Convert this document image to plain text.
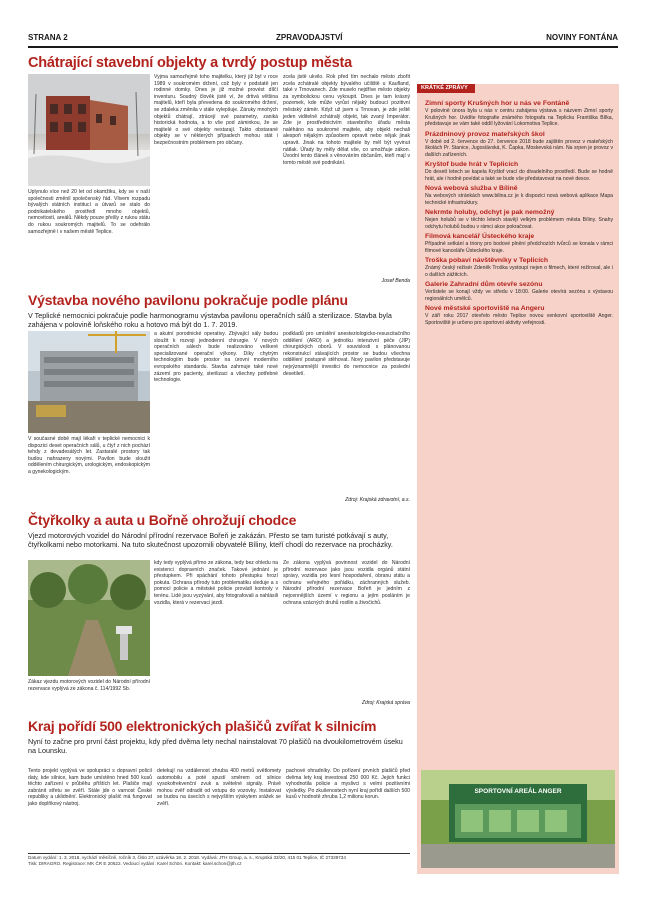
STRANA 2	ZPRAVODAJSTVÍ	NOVINY FONTÁNA
Chátrající stavební objekty a tvrdý postup města
Uplynulo více než 20 let od okamžiku, kdy se v naší společnosti změnil společenský řád. Vlivem rozpadu bývalých státních institucí a útvarů se stalo do podnikatelského prostředí mnoho objektů, nemovitostí, areálů. Někdy pouze přešly z rukou státu do rukou soukromých majitelů. To se odehrálo samozřejmě i v našem městě Teplice.
Vyjma samozřejmě toho majitelku, který již byl v roce 1989 v soukromém držení, což byly v podstatě jen rodinné domky. Dnes je již možné provést dílčí inventuru. Soudný člověk jistě ví, že drtivá většina majitelů, kteří byla převedena do soukromého držení, se zdaleka změnila v stále vylepšuje. Záruky mnohých objektů chátrají, ztrácejí své parametry, zaniká historická hodnota, a to vše pod záminkou, že se majitelé o své objekty nestarají. Takto obstarané objekty se v některých případech mohou stát i bezpečnostním problémem pro občany.
zcela jistě ukvilo. Rok před tím nechalo město zbořit zcela zchátralé objekty bývalého učiliště u Kaufland, také v Trnovanech. Zde muselo nejdříve město objekty za symbolickou cenu vykoupit. Dnes je tam krásný pozemek, kde může vyrůst nějaký budoucí pozitivní městský záměr. Když už jsem u Trnovan, je zde ještě jeden viditelně zchátralý objekt, tak zvaný Imperátor. Zde je prostřednictvím stavebního úřadu města naléháno na soukromé majitele, aby objekt nechali alespoň nějakým způsobem opravit nebo nějak jinak upravit. Jinak na tohoto majitele by měl být vyvinut nátlak. Úřady by měly dělat vše, co umožňuje zákon. Úvodní tento článek s věnováním občanům, kteří mají v tomto městě své podnikání.
Josef Benda
Výstavba nového pavilonu pokračuje podle plánu
V Teplické nemocnici pokračuje podle harmonogramu výstavba pavilonu operačních sálů a sterilizace. Stavba byla zahájena v polovině loňského roku a hotovo má být do 1. 7. 2019.
V současné době mají lékaři v teplické nemocnici k dispozici deset operačních sálů, u čtyř z nich pochází tehdy z devadesátých let. Zastaralé prostory tak budou nahrazeny novými. Pavilon bude sloužit oddělením chirurgickým, urologickým, endoskopickým a gynekologickým.
a akutní porodnické operativy. Zbývající sály budou sloužit k rozvoji jednodenní chirurgie. V nových operačních sálech bude realizováno veškeré specializované operační výkony. Díky chytrým technologiím bude prostor na úrovni moderního evropského standardu. Stavba zahrnuje také nové zázemí pro pacienty, sterilizaci a všechny potřebné technologie.
podkladů pro umístění anesteziologicko-resuscitačního oddělení (ARO) a jednotku intenzivní péče (JIP) chirurgických oborů. V souvislosti s plánovanou rekonstrukcí stávajících prostor se budou všechna oddělení postupně stěhovat. Nový pavilon představuje nejvýznamnější investici do nemocnice za poslední desetiletí.
Zdroj: Krajská zdravotní, a.s.
Čtyřkolky a auta u Bořně ohrožují chodce
Vjezd motorových vozidel do Národní přírodní rezervace Bořeň je zakázán. Přesto se tam turisté potkávají s auty, čtyřkolkami nebo motorkami. Na tuto skutečnost upozornili obyvatelé Bíliny, kteří chodí do rezervace na procházky.
Zákaz vjezdu motorových vozidel do Národní přírodní rezervace vyplývá ze zákona č. 114/1992 Sb.
kdy tedy vyplývá přímo ze zákona, tedy bez ohledu na existenci dopravních značek. Takové jednání je přestupkem. Při spáchání tohoto přestupku hrozí pokuta. Ochrana přírody tuto problematiku sleduje a s pomocí policie a městské policie provádí kontroly v terénu. Lidé jsou vyzývání, aby fotografovali a nahlásili vozidla, která v rezervaci jezdí.
Ze zákona vyplývá povinnost vozidel do Národní přírodní rezervace jako jsou vozidla orgánů státní správy, vozidla pro lesní hospodaření, obranu státu a ochranu veřejného pořádku, záchranných služeb. Národní přírodní rezervace Bořeň je jedním z nejcennějších území v regionu a jejím posláním je ochrana vzácných druhů rostlin a živočichů.
Zdroj: Krajská správa
Kraj pořídí 500 elektronických plašičů zvířat k silnicím
Nyní to začne pro první část projektu, kdy před dvěma lety nechal nainstalovat 70 plašičů na dvoukilometrovém úseku na Lounsku.
Tento projekt vyplývá ve spolupráci s dopravní policií daty, kde silnice, kam bude umístěno hned 500 kusů těchto zařízení v průběhu příštích let. Plašiče mají zabránit střetu se zvěří. Stále jde o varnost České republiky a uklidnění. Elektronický plašič má fungovat jako doplňkový nástroj.
detekují na vzdálenost zhruba 400 metrů světlomety automobilu a poté spustí směrem od silnice vysokofrekvenční zvuk a světelné signály. Právě mohou zvěř odradit od vstupu do vozovky. Instalovat se budou na úsecích s nejvyšším výskytem srážek se zvěří.
pachové ohradníky. Do pořízení prvních plašičů před dvěma lety kraj investoval 250 000 Kč. Jejich funkci vyhodnotila policie a myslivci s velmi pozitivními výsledky. Po zkušenostech nyní kraj pořídí dalších 500 kusů v hodnotě zhruba 1,2 milionu korun.
Datum vydání: 1. 3. 2018, vychází měsíčně, ročník 3, číslo 27, uzávěrka 18. 2. 2018. Vydává: JTH Group, a. s., Krupská 33/20, 415 01 Teplice, IČ 27339734
Tisk: DIRAGRO. Registrace: MK ČR E 20622. Vedoucí vydání: Karel Schön. Kontakt: karel.schon@jth.cz
KRÁTKÉ ZPRÁVY
Zimní sporty Krušných hor u nás ve Fontáně
V polovině února byla u nás v centru zahájena výstava s názvem Zimní sporty Krušných hor. Uvidíte fotografie známého fotografa na Teplicku Františka Bílka, představuje se vám také oddíl lyžování Lokomotiva Teplice.
Prázdninový provoz mateřských škol
V době od 2. července do 27. července 2018 bude zajištěn provoz v mateřských školách Pr. Stanice, Jugoslávská, K. Čapka, Moskevská nám. Na srpen je provoz v dalších zařízeních.
Kryštof bude hrát v Teplicích
Do desetí letech se kapela Kryštof vrací do divadelního prostředí. Bude se hodně hrát, ale i hodně povídat a také se bude vše představovat na nové desce.
Nová webová služba v Bílině
Na webových stránkách www.bilina.cz je k dispozici nová webová aplikace Mapa technické infrastruktury.
Nekrmte holuby, odchyt je pak nemožný
Nejen holubů se v těchto letech stavějí velkým problémem města Bíliny. Snahy odchytu holubů budou v rámci akce pokračovat.
Filmová kancelář Ústeckého kraje
Případné setkání a triony pro bodové plnění předchozích tvůrců se konala v rámci filmové kanceláře Ústeckého kraje.
Troška pobaví návštěvníky v Teplicích
Známý český režisér Zdeněk Troška vystoupí nejen o filmech, které režíroval, ale i o dalších zážitcích.
Galerie Zahradní dům otevře sezónu
Veršstele se konají vždy ve středu v 18:00. Galerie otevírá sezónu s výstavou regionálních umělců.
Nové městské sportoviště na Angeru
V září roku 2017 otevřelo město Teplice novou venkovní sportoviště Anger. Sportoviště je určeno pro sportovní aktivity veřejnosti.
SPORTOVNÍ AREÁL ANGER
